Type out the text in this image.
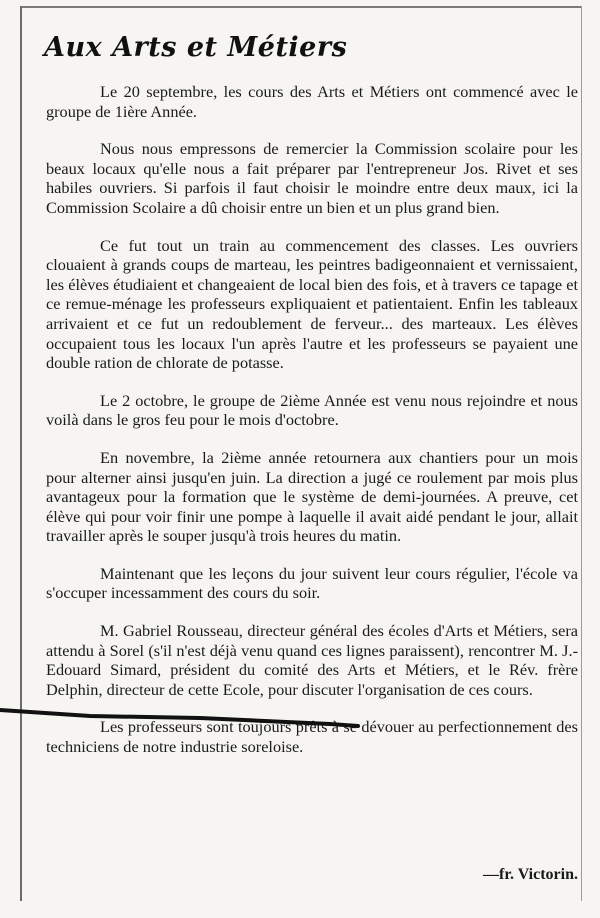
Aux Arts et Métiers

Le 20 septembre, les cours des Arts et Métiers ont commencé avec le groupe de 1ière Année.

Nous nous empressons de remercier la Commission scolaire pour les beaux locaux qu'elle nous a fait préparer par l'entrepreneur Jos. Rivet et ses habiles ouvriers. Si parfois il faut choisir le moindre entre deux maux, ici la Commission Scolaire a dû choisir entre un bien et un plus grand bien.

Ce fut tout un train au commencement des classes. Les ouvriers clouaient à grands coups de marteau, les peintres badigeonnaient et vernissaient, les élèves étudiaient et changeaient de local bien des fois, et à travers ce tapage et ce remue-ménage les professeurs expliquaient et patientaient. Enfin les tableaux arrivaient et ce fut un redoublement de ferveur... des marteaux. Les élèves occupaient tous les locaux l'un après l'autre et les professeurs se payaient une double ration de chlorate de potasse.

Le 2 octobre, le groupe de 2ième Année est venu nous rejoindre et nous voilà dans le gros feu pour le mois d'octobre.

En novembre, la 2ième année retournera aux chantiers pour un mois pour alterner ainsi jusqu'en juin. La direction a jugé ce roulement par mois plus avantageux pour la formation que le système de demi-journées. A preuve, cet élève qui pour voir finir une pompe à laquelle il avait aidé pendant le jour, allait travailler après le souper jusqu'à trois heures du matin.

Maintenant que les leçons du jour suivent leur cours régulier, l'école va s'occuper incessamment des cours du soir.

M. Gabriel Rousseau, directeur général des écoles d'Arts et Métiers, sera attendu à Sorel (s'il n'est déjà venu quand ces lignes paraissent), rencontrer M. J.-Edouard Simard, président du comité des Arts et Métiers, et le Rév. frère Delphin, directeur de cette Ecole, pour discuter l'organisation de ces cours.

Les professeurs sont toujours prêts à se dévouer au perfectionnement des techniciens de notre industrie soreloise.

—fr. Victorin.
